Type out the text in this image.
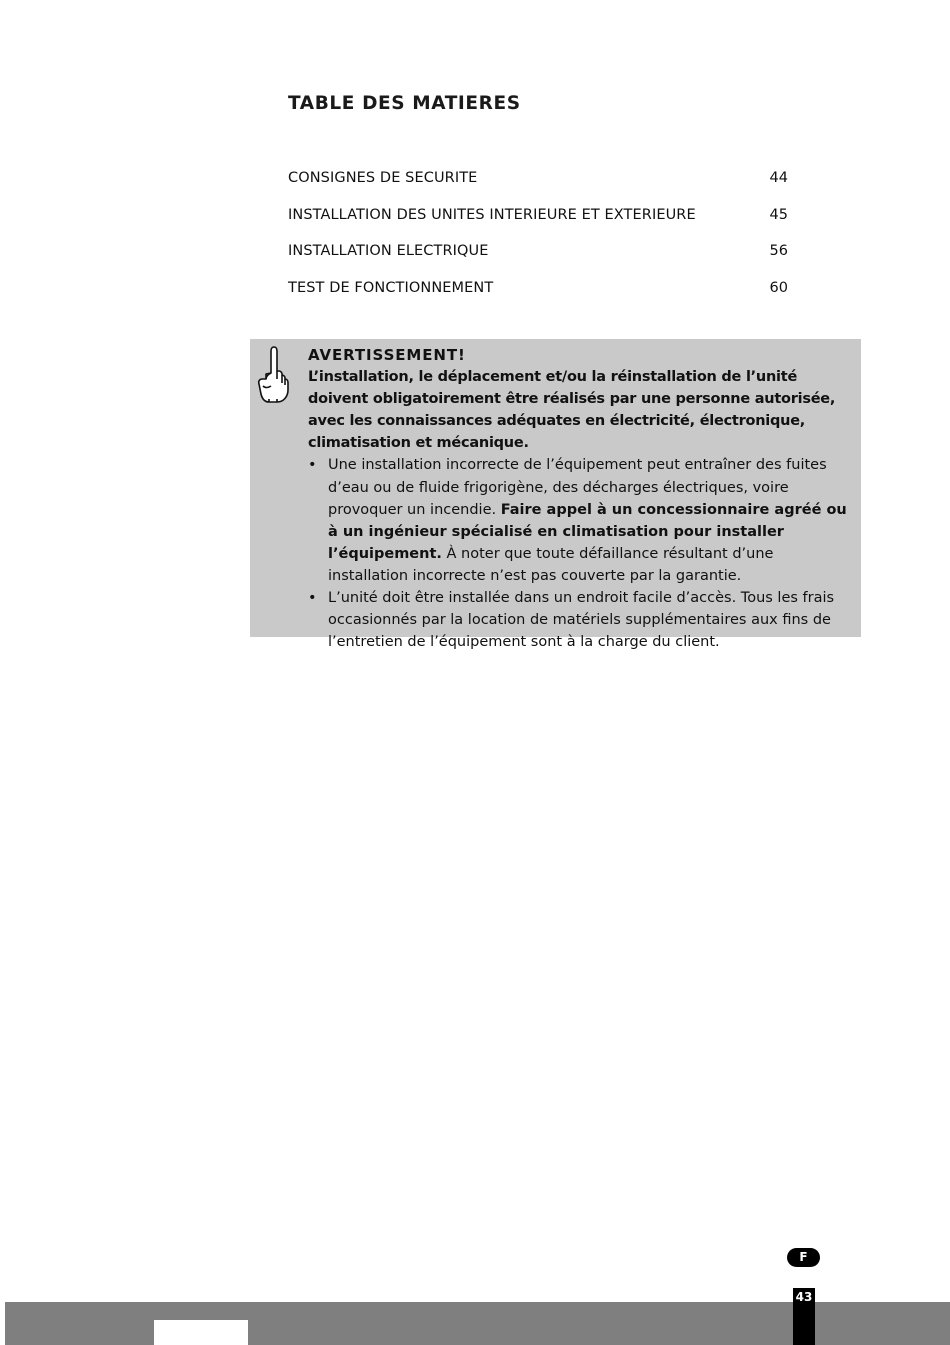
TABLE DES MATIERES
CONSIGNES DE SECURITE	44
INSTALLATION DES UNITES INTERIEURE ET EXTERIEURE	45
INSTALLATION ELECTRIQUE	56
TEST DE FONCTIONNEMENT	60

AVERTISSEMENT!

L’installation, le déplacement et/ou la réinstallation de l’unité doivent obligatoirement être réalisés par une personne autorisée, avec les connaissances adéquates en électricité, électronique, climatisation et mécanique.

• Une installation incorrecte de l’équipement peut entraîner des fuites d’eau ou de fluide frigorigène, des décharges électriques, voire provoquer un incendie. Faire appel à un concessionnaire agréé ou à un ingénieur spécialisé en climatisation pour installer l’équipement. À noter que toute défaillance résultant d’une installation incorrecte n’est pas couverte par la garantie.
• L’unité doit être installée dans un endroit facile d’accès. Tous les frais occasionnés par la location de matériels supplémentaires aux fins de l’entretien de l’équipement sont à la charge du client.
F
43
